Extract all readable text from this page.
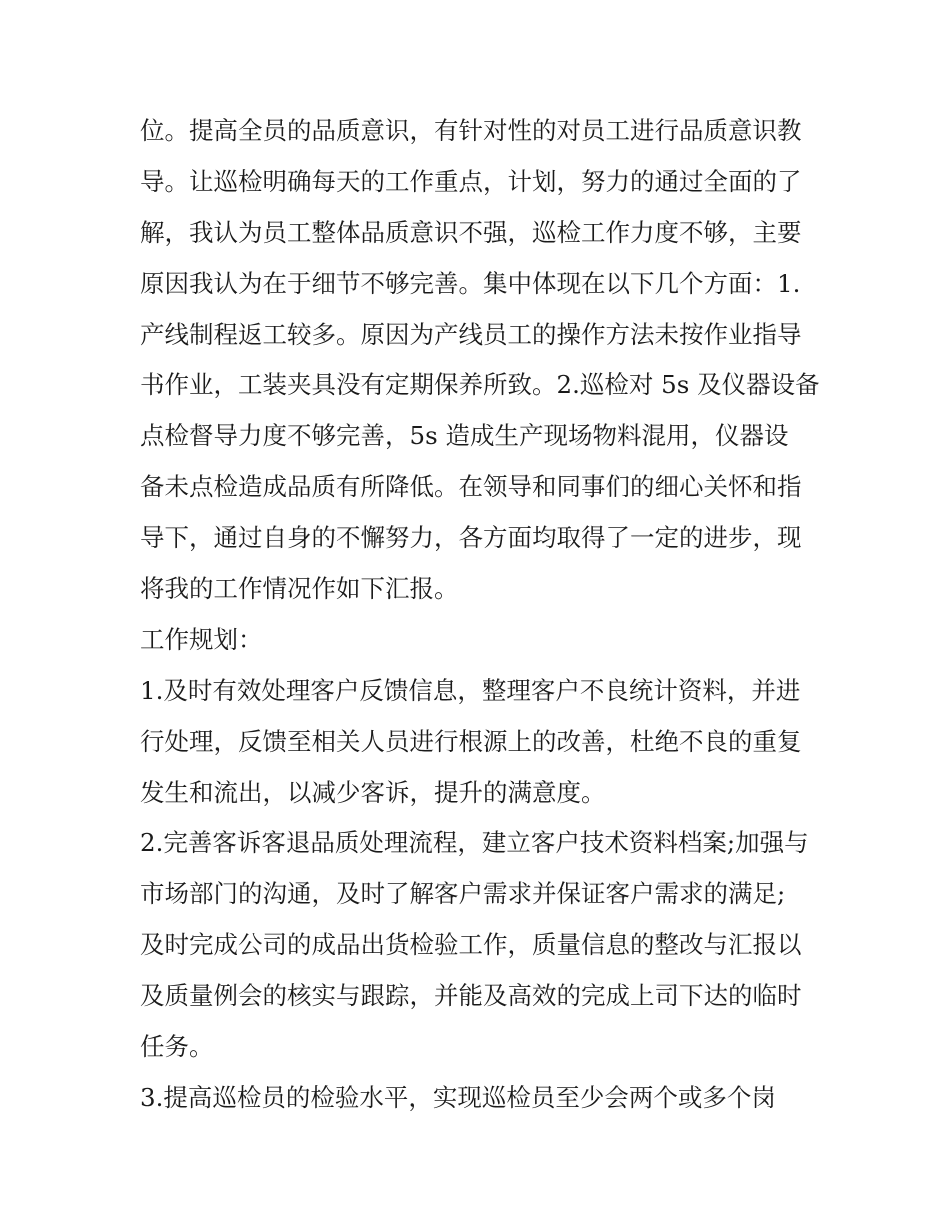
位。提高全员的品质意识，有针对性的对员工进行品质意识教
导。让巡检明确每天的工作重点，计划，努力的通过全面的了
解，我认为员工整体品质意识不强，巡检工作力度不够，主要
原因我认为在于细节不够完善。集中体现在以下几个方面：1.
产线制程返工较多。原因为产线员工的操作方法未按作业指导
书作业，工装夹具没有定期保养所致。2.巡检对 5s 及仪器设备
点检督导力度不够完善，5s 造成生产现场物料混用，仪器设
备未点检造成品质有所降低。在领导和同事们的细心关怀和指
导下，通过自身的不懈努力，各方面均取得了一定的进步，现
将我的工作情况作如下汇报。
工作规划：
1.及时有效处理客户反馈信息，整理客户不良统计资料，并进
行处理，反馈至相关人员进行根源上的改善，杜绝不良的重复
发生和流出，以减少客诉，提升的满意度。
2.完善客诉客退品质处理流程，建立客户技术资料档案;加强与
市场部门的沟通，及时了解客户需求并保证客户需求的满足;
及时完成公司的成品出货检验工作，质量信息的整改与汇报以
及质量例会的核实与跟踪，并能及高效的完成上司下达的临时
任务。
3.提高巡检员的检验水平，实现巡检员至少会两个或多个岗
